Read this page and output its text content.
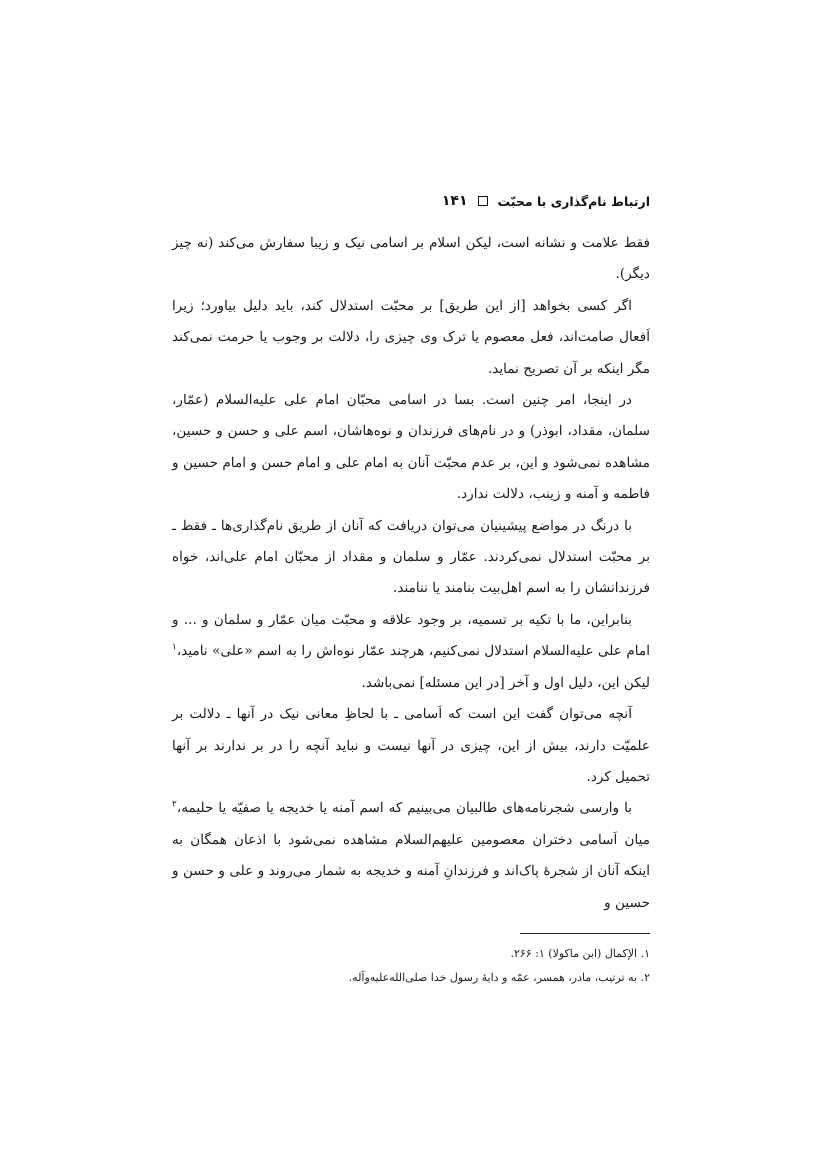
ارتباط نام‌گذاری با محبّت
۱۴۱

فقط علامت و نشانه است، لیکن اسلام بر اسامی نیک و زیبا سفارش می‌کند (نه چیز دیگر).

اگر کسی بخواهد [از این طریق] بر محبّت استدلال کند، باید دلیل بیاورد؛ زیرا اَفعال صامت‌اند، فعل معصوم یا ترک وی چیزی را، دلالت بر وجوب یا حرمت نمی‌کند مگر اینکه بر آن تصریح نماید.

در اینجا، امر چنین است. بسا در اسامی محبّان امام علی علیه‌السلام (عمّار، سلمان، مقداد، ابوذر) و در نام‌های فرزندان و نوه‌هاشان، اسم علی و حسن و حسین، مشاهده نمی‌شود و این، بر عدم محبّت آنان به امام علی و امام حسن و امام حسین و فاطمه و آمنه و زینب، دلالت ندارد.

با درنگ در مواضع پیشینیان می‌توان دریافت که آنان از طریق نام‌گذاری‌ها ـ فقط ـ بر محبّت استدلال نمی‌کردند. عمّار و سلمان و مقداد از محبّان امام علی‌اند، خواه فرزندانشان را به اسم اهل‌بیت بنامند یا ننامند.

بنابراین، ما با تکیه بر تسمیه، بر وجود علاقه و محبّت میان عمّار و سلمان و ... و امام علی علیه‌السلام استدلال نمی‌کنیم، هرچند عمّار نوه‌اش را به اسم «علی» نامید،$^۱$ لیکن این، دلیل اول و آخر [در این مسئله] نمی‌باشد.

آنچه می‌توان گفت این است که اَسامی ـ با لحاظِ معانی نیک در آنها ـ دلالت بر علمیّت دارند، بیش از این، چیزی در آنها نیست و نباید آنچه را در بر ندارند بر آنها تحمیل کرد.

با وارسی شجرنامه‌های طالبیان می‌بینیم که اسم آمنه یا خدیجه یا صفیّه یا حلیمه،$^۲$ میان اَسامی دختران معصومین علیهم‌السلام مشاهده نمی‌شود با اذعان همگان به اینکه آنان از شجرهٔ پاک‌اند و فرزندانِ آمنه و خدیجه به شمار می‌روند و علی و حسن و حسین و

۱. الإکمال (ابن ماکولا) ۱: ۲۶۶.

۲. به ترتیب، مادر، همسر، عمّه و دایهٔ رسول خدا صلی‌الله‌علیه‌وآله.
